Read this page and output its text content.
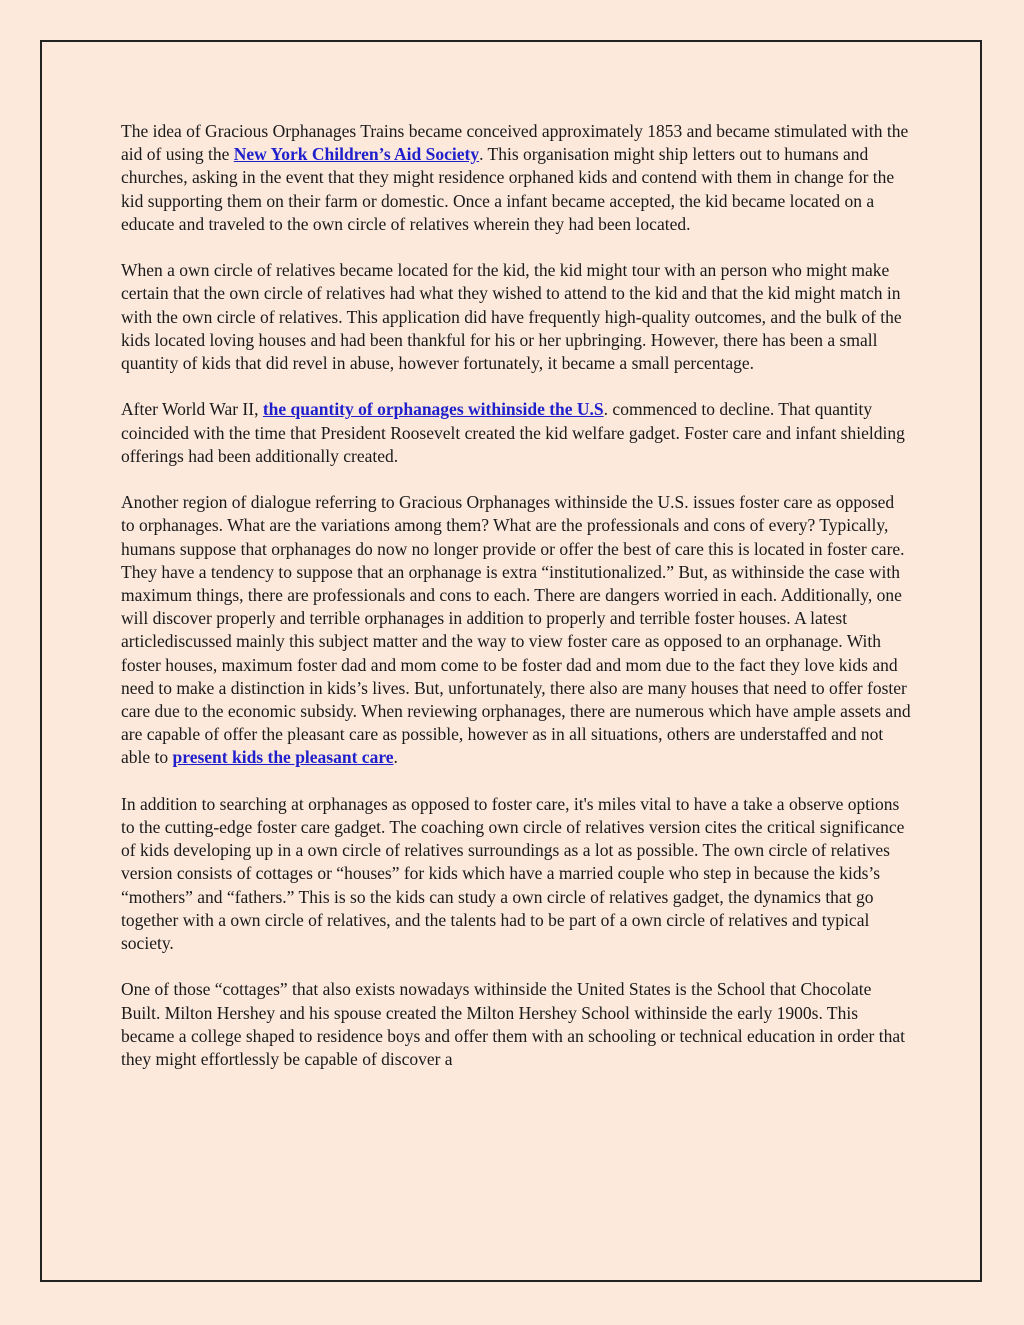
The idea of Gracious Orphanages Trains became conceived approximately 1853 and became stimulated with the aid of using the New York Children’s Aid Society. This organisation might ship letters out to humans and churches, asking in the event that they might residence orphaned kids and contend with them in change for the kid supporting them on their farm or domestic. Once a infant became accepted, the kid became located on a educate and traveled to the own circle of relatives wherein they had been located.

When a own circle of relatives became located for the kid, the kid might tour with an person who might make certain that the own circle of relatives had what they wished to attend to the kid and that the kid might match in with the own circle of relatives. This application did have frequently high-quality outcomes, and the bulk of the kids located loving houses and had been thankful for his or her upbringing. However, there has been a small quantity of kids that did revel in abuse, however fortunately, it became a small percentage.

After World War II, the quantity of orphanages withinside the U.S. commenced to decline. That quantity coincided with the time that President Roosevelt created the kid welfare gadget. Foster care and infant shielding offerings had been additionally created.

Another region of dialogue referring to Gracious Orphanages withinside the U.S. issues foster care as opposed to orphanages. What are the variations among them? What are the professionals and cons of every? Typically, humans suppose that orphanages do now no longer provide or offer the best of care this is located in foster care. They have a tendency to suppose that an orphanage is extra “institutionalized.” But, as withinside the case with maximum things, there are professionals and cons to each. There are dangers worried in each. Additionally, one will discover properly and terrible orphanages in addition to properly and terrible foster houses. A latest articlediscussed mainly this subject matter and the way to view foster care as opposed to an orphanage. With foster houses, maximum foster dad and mom come to be foster dad and mom due to the fact they love kids and need to make a distinction in kids’s lives. But, unfortunately, there also are many houses that need to offer foster care due to the economic subsidy. When reviewing orphanages, there are numerous which have ample assets and are capable of offer the pleasant care as possible, however as in all situations, others are understaffed and not able to present kids the pleasant care.

In addition to searching at orphanages as opposed to foster care, it's miles vital to have a take a observe options to the cutting-edge foster care gadget. The coaching own circle of relatives version cites the critical significance of kids developing up in a own circle of relatives surroundings as a lot as possible. The own circle of relatives version consists of cottages or “houses” for kids which have a married couple who step in because the kids’s “mothers” and “fathers.” This is so the kids can study a own circle of relatives gadget, the dynamics that go together with a own circle of relatives, and the talents had to be part of a own circle of relatives and typical society.

One of those “cottages” that also exists nowadays withinside the United States is the School that Chocolate Built. Milton Hershey and his spouse created the Milton Hershey School withinside the early 1900s. This became a college shaped to residence boys and offer them with an schooling or technical education in order that they might effortlessly be capable of discover a
